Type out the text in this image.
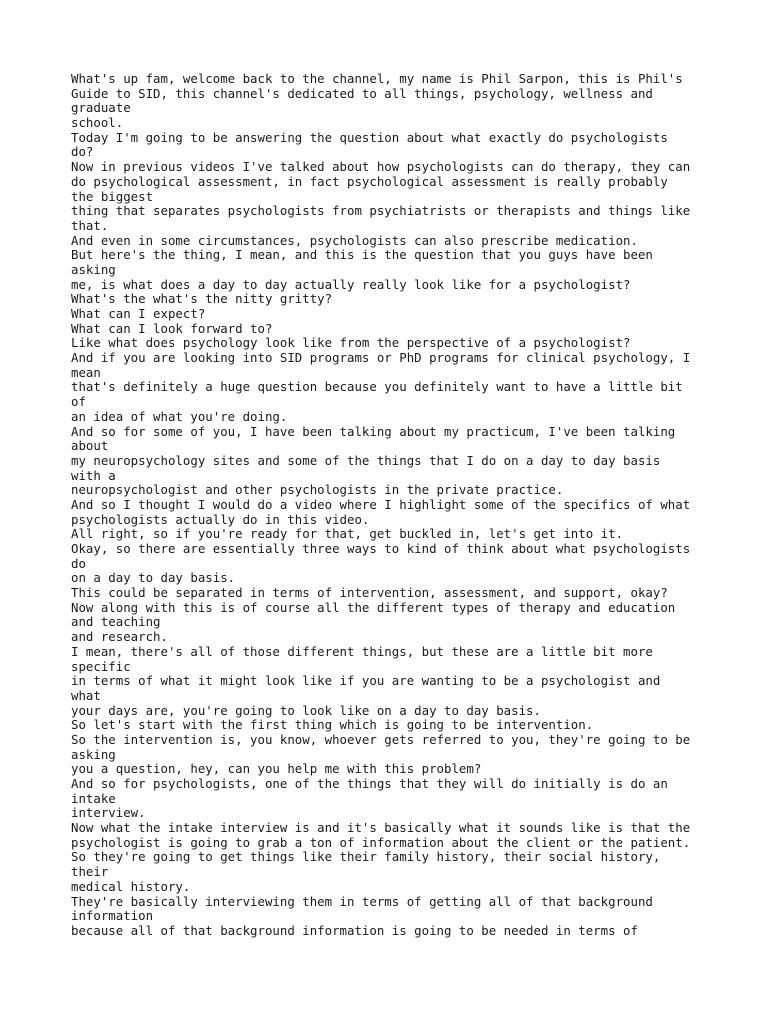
What's up fam, welcome back to the channel, my name is Phil Sarpon, this is Phil's
Guide to SID, this channel's dedicated to all things, psychology, wellness and
graduate
school.
Today I'm going to be answering the question about what exactly do psychologists
do?
Now in previous videos I've talked about how psychologists can do therapy, they can
do psychological assessment, in fact psychological assessment is really probably
the biggest
thing that separates psychologists from psychiatrists or therapists and things like
that.
And even in some circumstances, psychologists can also prescribe medication.
But here's the thing, I mean, and this is the question that you guys have been
asking
me, is what does a day to day actually really look like for a psychologist?
What's the what's the nitty gritty?
What can I expect?
What can I look forward to?
Like what does psychology look like from the perspective of a psychologist?
And if you are looking into SID programs or PhD programs for clinical psychology, I
mean
that's definitely a huge question because you definitely want to have a little bit
of
an idea of what you're doing.
And so for some of you, I have been talking about my practicum, I've been talking
about
my neuropsychology sites and some of the things that I do on a day to day basis
with a
neuropsychologist and other psychologists in the private practice.
And so I thought I would do a video where I highlight some of the specifics of what
psychologists actually do in this video.
All right, so if you're ready for that, get buckled in, let's get into it.
Okay, so there are essentially three ways to kind of think about what psychologists
do
on a day to day basis.
This could be separated in terms of intervention, assessment, and support, okay?
Now along with this is of course all the different types of therapy and education
and teaching
and research.
I mean, there's all of those different things, but these are a little bit more
specific
in terms of what it might look like if you are wanting to be a psychologist and
what
your days are, you're going to look like on a day to day basis.
So let's start with the first thing which is going to be intervention.
So the intervention is, you know, whoever gets referred to you, they're going to be
asking
you a question, hey, can you help me with this problem?
And so for psychologists, one of the things that they will do initially is do an
intake
interview.
Now what the intake interview is and it's basically what it sounds like is that the
psychologist is going to grab a ton of information about the client or the patient.
So they're going to get things like their family history, their social history,
their
medical history.
They're basically interviewing them in terms of getting all of that background
information
because all of that background information is going to be needed in terms of
